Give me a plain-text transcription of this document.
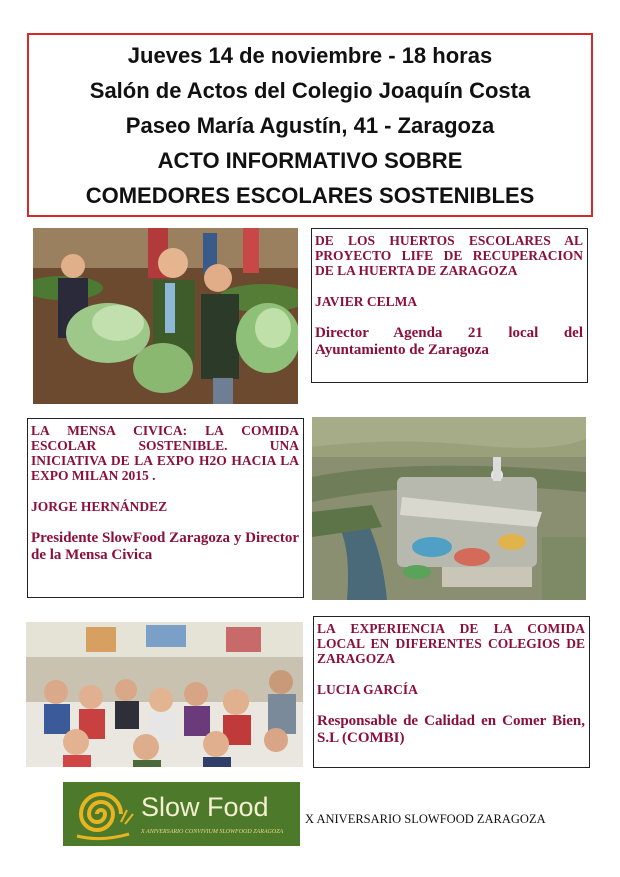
Jueves 14 de noviembre - 18 horas
Salón de Actos del Colegio Joaquín Costa
Paseo María Agustín, 41 - Zaragoza
ACTO INFORMATIVO SOBRE
COMEDORES ESCOLARES SOSTENIBLES
DE LOS HUERTOS ESCOLARES AL PROYECTO LIFE DE RECUPERACION DE LA HUERTA DE ZARAGOZA
JAVIER CELMA
Director Agenda 21 local del Ayuntamiento de Zaragoza
LA MENSA CIVICA: LA COMIDA ESCOLAR SOSTENIBLE. UNA INICIATIVA DE LA EXPO H2O HACIA LA EXPO MILAN 2015 .
JORGE HERNÁNDEZ
Presidente SlowFood Zaragoza y Director de la Mensa Civica
LA EXPERIENCIA DE LA COMIDA LOCAL EN DIFERENTES COLEGIOS DE ZARAGOZA
LUCIA GARCÍA
Responsable de Calidad en Comer Bien, S.L (COMBI)
Slow Food
X ANIVERSARIO CONVIVIUM SLOWFOOD ZARAGOZA
X ANIVERSARIO SLOWFOOD ZARAGOZA
